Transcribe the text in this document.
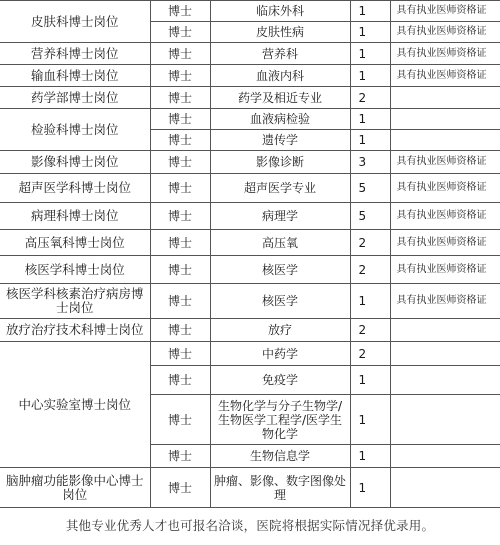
皮肤科博士岗位	博士	临床外科	1	具有执业医师资格证
	博士	皮肤性病	1	具有执业医师资格证
营养科博士岗位	博士	营养科	1	具有执业医师资格证
输血科博士岗位	博士	血液内科	1	具有执业医师资格证
药学部博士岗位	博士	药学及相近专业	2	
检验科博士岗位	博士	血液病检验	1	
	博士	遗传学	1	
影像科博士岗位	博士	影像诊断	3	具有执业医师资格证
超声医学科博士岗位	博士	超声医学专业	5	具有执业医师资格证
病理科博士岗位	博士	病理学	5	具有执业医师资格证
高压氧科博士岗位	博士	高压氧	2	具有执业医师资格证
核医学科博士岗位	博士	核医学	2	具有执业医师资格证
核医学科核素治疗病房博士岗位	博士	核医学	1	具有执业医师资格证
放疗治疗技术科博士岗位	博士	放疗	2	
中心实验室博士岗位	博士	中药学	2	
	博士	免疫学	1	
	博士	生物化学与分子生物学/生物医学工程学/医学生物化学	1	
	博士	生物信息学	1	
脑肿瘤功能影像中心博士岗位	博士	肿瘤、影像、数字图像处理	1	
其他专业优秀人才也可报名洽谈，医院将根据实际情况择优录用。				
